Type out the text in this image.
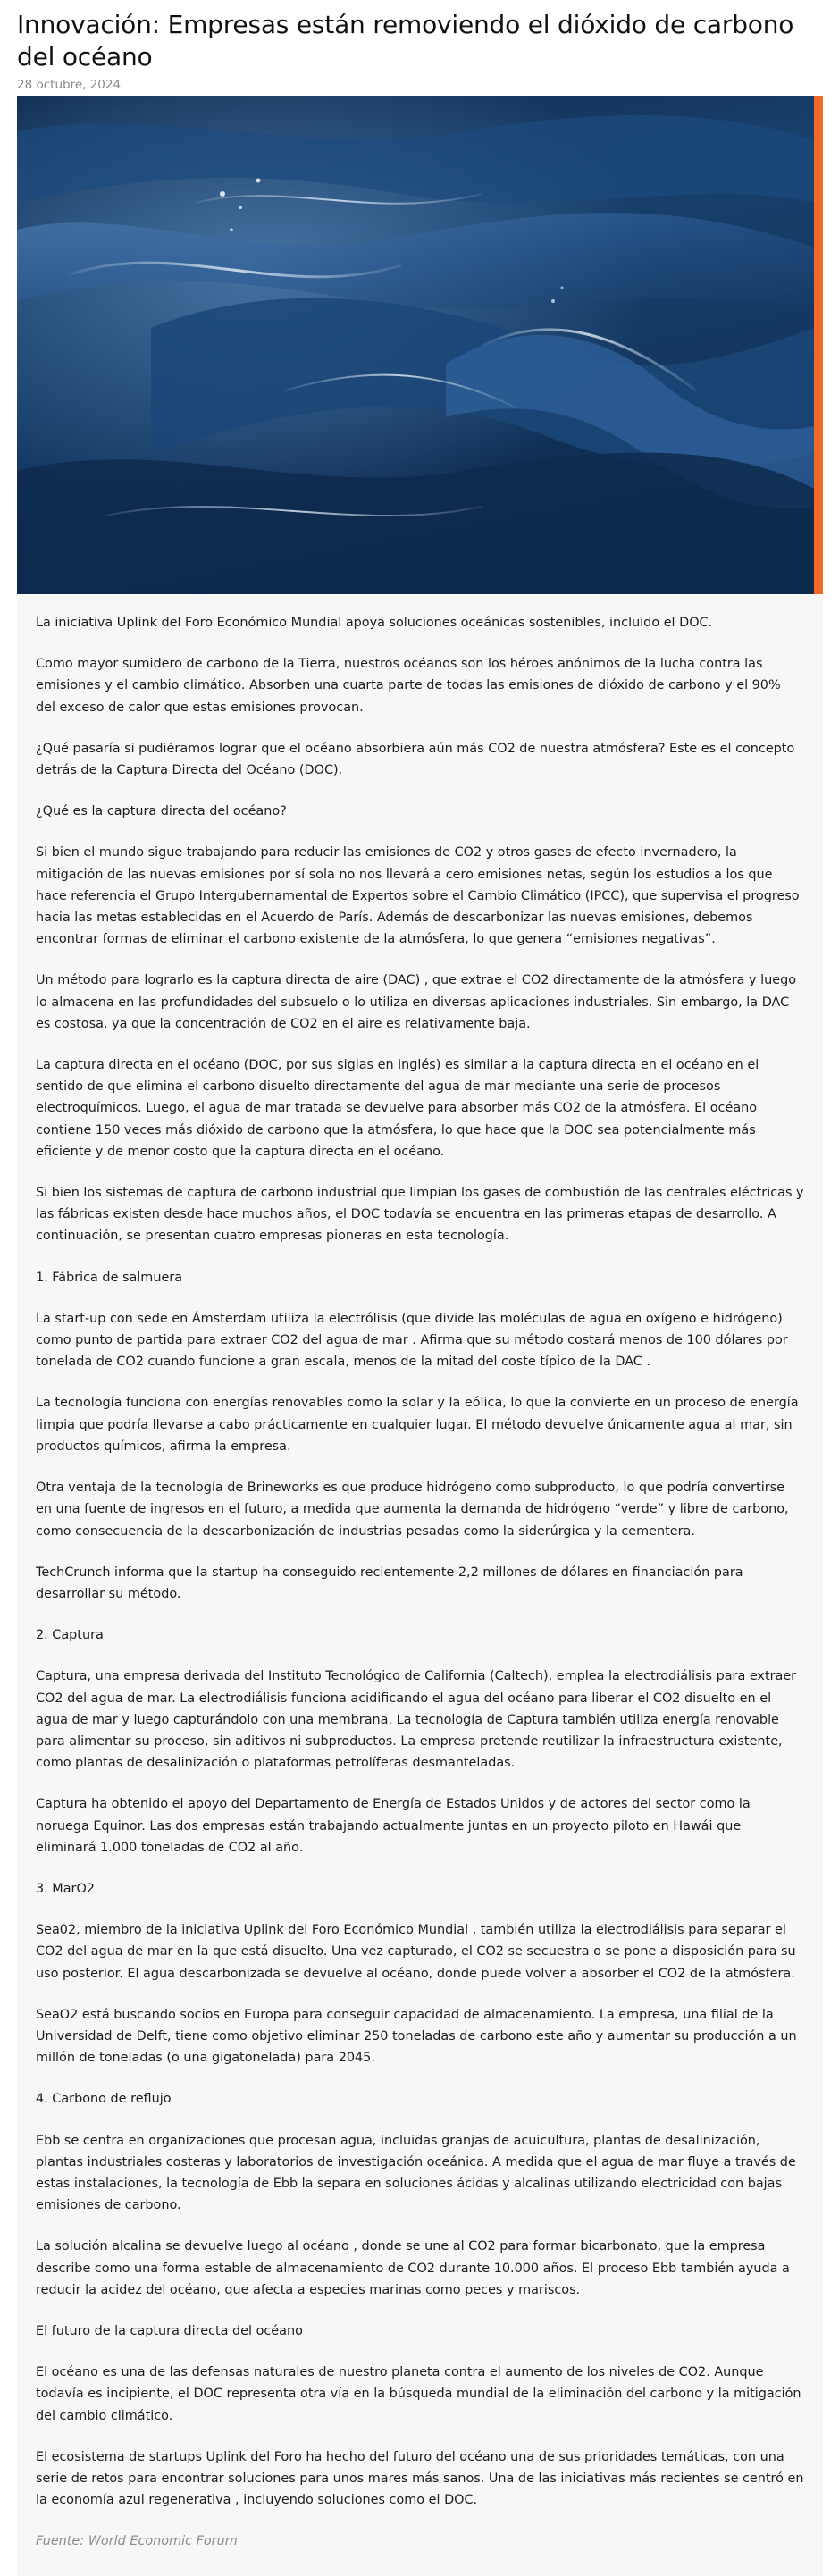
Innovación: Empresas están removiendo el dióxido de carbono del océano
28 octubre, 2024

La iniciativa Uplink del Foro Económico Mundial apoya soluciones oceánicas sostenibles, incluido el DOC.

Como mayor sumidero de carbono de la Tierra, nuestros océanos son los héroes anónimos de la lucha contra las emisiones y el cambio climático. Absorben una cuarta parte de todas las emisiones de dióxido de carbono y el 90% del exceso de calor que estas emisiones provocan.

¿Qué pasaría si pudiéramos lograr que el océano absorbiera aún más CO2 de nuestra atmósfera? Este es el concepto detrás de la Captura Directa del Océano (DOC).

¿Qué es la captura directa del océano?

Si bien el mundo sigue trabajando para reducir las emisiones de CO2 y otros gases de efecto invernadero, la mitigación de las nuevas emisiones por sí sola no nos llevará a cero emisiones netas, según los estudios a los que hace referencia el Grupo Intergubernamental de Expertos sobre el Cambio Climático (IPCC), que supervisa el progreso hacia las metas establecidas en el Acuerdo de París. Además de descarbonizar las nuevas emisiones, debemos encontrar formas de eliminar el carbono existente de la atmósfera, lo que genera “emisiones negativas”.

Un método para lograrlo es la captura directa de aire (DAC) , que extrae el CO2 directamente de la atmósfera y luego lo almacena en las profundidades del subsuelo o lo utiliza en diversas aplicaciones industriales. Sin embargo, la DAC es costosa, ya que la concentración de CO2 en el aire es relativamente baja.

La captura directa en el océano (DOC, por sus siglas en inglés) es similar a la captura directa en el océano en el sentido de que elimina el carbono disuelto directamente del agua de mar mediante una serie de procesos electroquímicos. Luego, el agua de mar tratada se devuelve para absorber más CO2 de la atmósfera. El océano contiene 150 veces más dióxido de carbono que la atmósfera, lo que hace que la DOC sea potencialmente más eficiente y de menor costo que la captura directa en el océano.

Si bien los sistemas de captura de carbono industrial que limpian los gases de combustión de las centrales eléctricas y las fábricas existen desde hace muchos años, el DOC todavía se encuentra en las primeras etapas de desarrollo. A continuación, se presentan cuatro empresas pioneras en esta tecnología.

1. Fábrica de salmuera

La start-up con sede en Ámsterdam utiliza la electrólisis (que divide las moléculas de agua en oxígeno e hidrógeno) como punto de partida para extraer CO2 del agua de mar . Afirma que su método costará menos de 100 dólares por tonelada de CO2 cuando funcione a gran escala, menos de la mitad del coste típico de la DAC .

La tecnología funciona con energías renovables como la solar y la eólica, lo que la convierte en un proceso de energía limpia que podría llevarse a cabo prácticamente en cualquier lugar. El método devuelve únicamente agua al mar, sin productos químicos, afirma la empresa.

Otra ventaja de la tecnología de Brineworks es que produce hidrógeno como subproducto, lo que podría convertirse en una fuente de ingresos en el futuro, a medida que aumenta la demanda de hidrógeno “verde” y libre de carbono, como consecuencia de la descarbonización de industrias pesadas como la siderúrgica y la cementera.

TechCrunch informa que la startup ha conseguido recientemente 2,2 millones de dólares en financiación para desarrollar su método.

2. Captura

Captura, una empresa derivada del Instituto Tecnológico de California (Caltech), emplea la electrodiálisis para extraer CO2 del agua de mar. La electrodiálisis funciona acidificando el agua del océano para liberar el CO2 disuelto en el agua de mar y luego capturándolo con una membrana. La tecnología de Captura también utiliza energía renovable para alimentar su proceso, sin aditivos ni subproductos. La empresa pretende reutilizar la infraestructura existente, como plantas de desalinización o plataformas petrolíferas desmanteladas.

Captura ha obtenido el apoyo del Departamento de Energía de Estados Unidos y de actores del sector como la noruega Equinor. Las dos empresas están trabajando actualmente juntas en un proyecto piloto en Hawái que eliminará 1.000 toneladas de CO2 al año.

3. MarO2

Sea02, miembro de la iniciativa Uplink del Foro Económico Mundial , también utiliza la electrodiálisis para separar el CO2 del agua de mar en la que está disuelto. Una vez capturado, el CO2 se secuestra o se pone a disposición para su uso posterior. El agua descarbonizada se devuelve al océano, donde puede volver a absorber el CO2 de la atmósfera.

SeaO2 está buscando socios en Europa para conseguir capacidad de almacenamiento. La empresa, una filial de la Universidad de Delft, tiene como objetivo eliminar 250 toneladas de carbono este año y aumentar su producción a un millón de toneladas (o una gigatonelada) para 2045.

4. Carbono de reflujo

Ebb se centra en organizaciones que procesan agua, incluidas granjas de acuicultura, plantas de desalinización, plantas industriales costeras y laboratorios de investigación oceánica. A medida que el agua de mar fluye a través de estas instalaciones, la tecnología de Ebb la separa en soluciones ácidas y alcalinas utilizando electricidad con bajas emisiones de carbono.

La solución alcalina se devuelve luego al océano , donde se une al CO2 para formar bicarbonato, que la empresa describe como una forma estable de almacenamiento de CO2 durante 10.000 años. El proceso Ebb también ayuda a reducir la acidez del océano, que afecta a especies marinas como peces y mariscos.

El futuro de la captura directa del océano

El océano es una de las defensas naturales de nuestro planeta contra el aumento de los niveles de CO2. Aunque todavía es incipiente, el DOC representa otra vía en la búsqueda mundial de la eliminación del carbono y la mitigación del cambio climático.

El ecosistema de startups Uplink del Foro ha hecho del futuro del océano una de sus prioridades temáticas, con una serie de retos para encontrar soluciones para unos mares más sanos. Una de las iniciativas más recientes se centró en la economía azul regenerativa , incluyendo soluciones como el DOC.

Fuente: World Economic Forum
